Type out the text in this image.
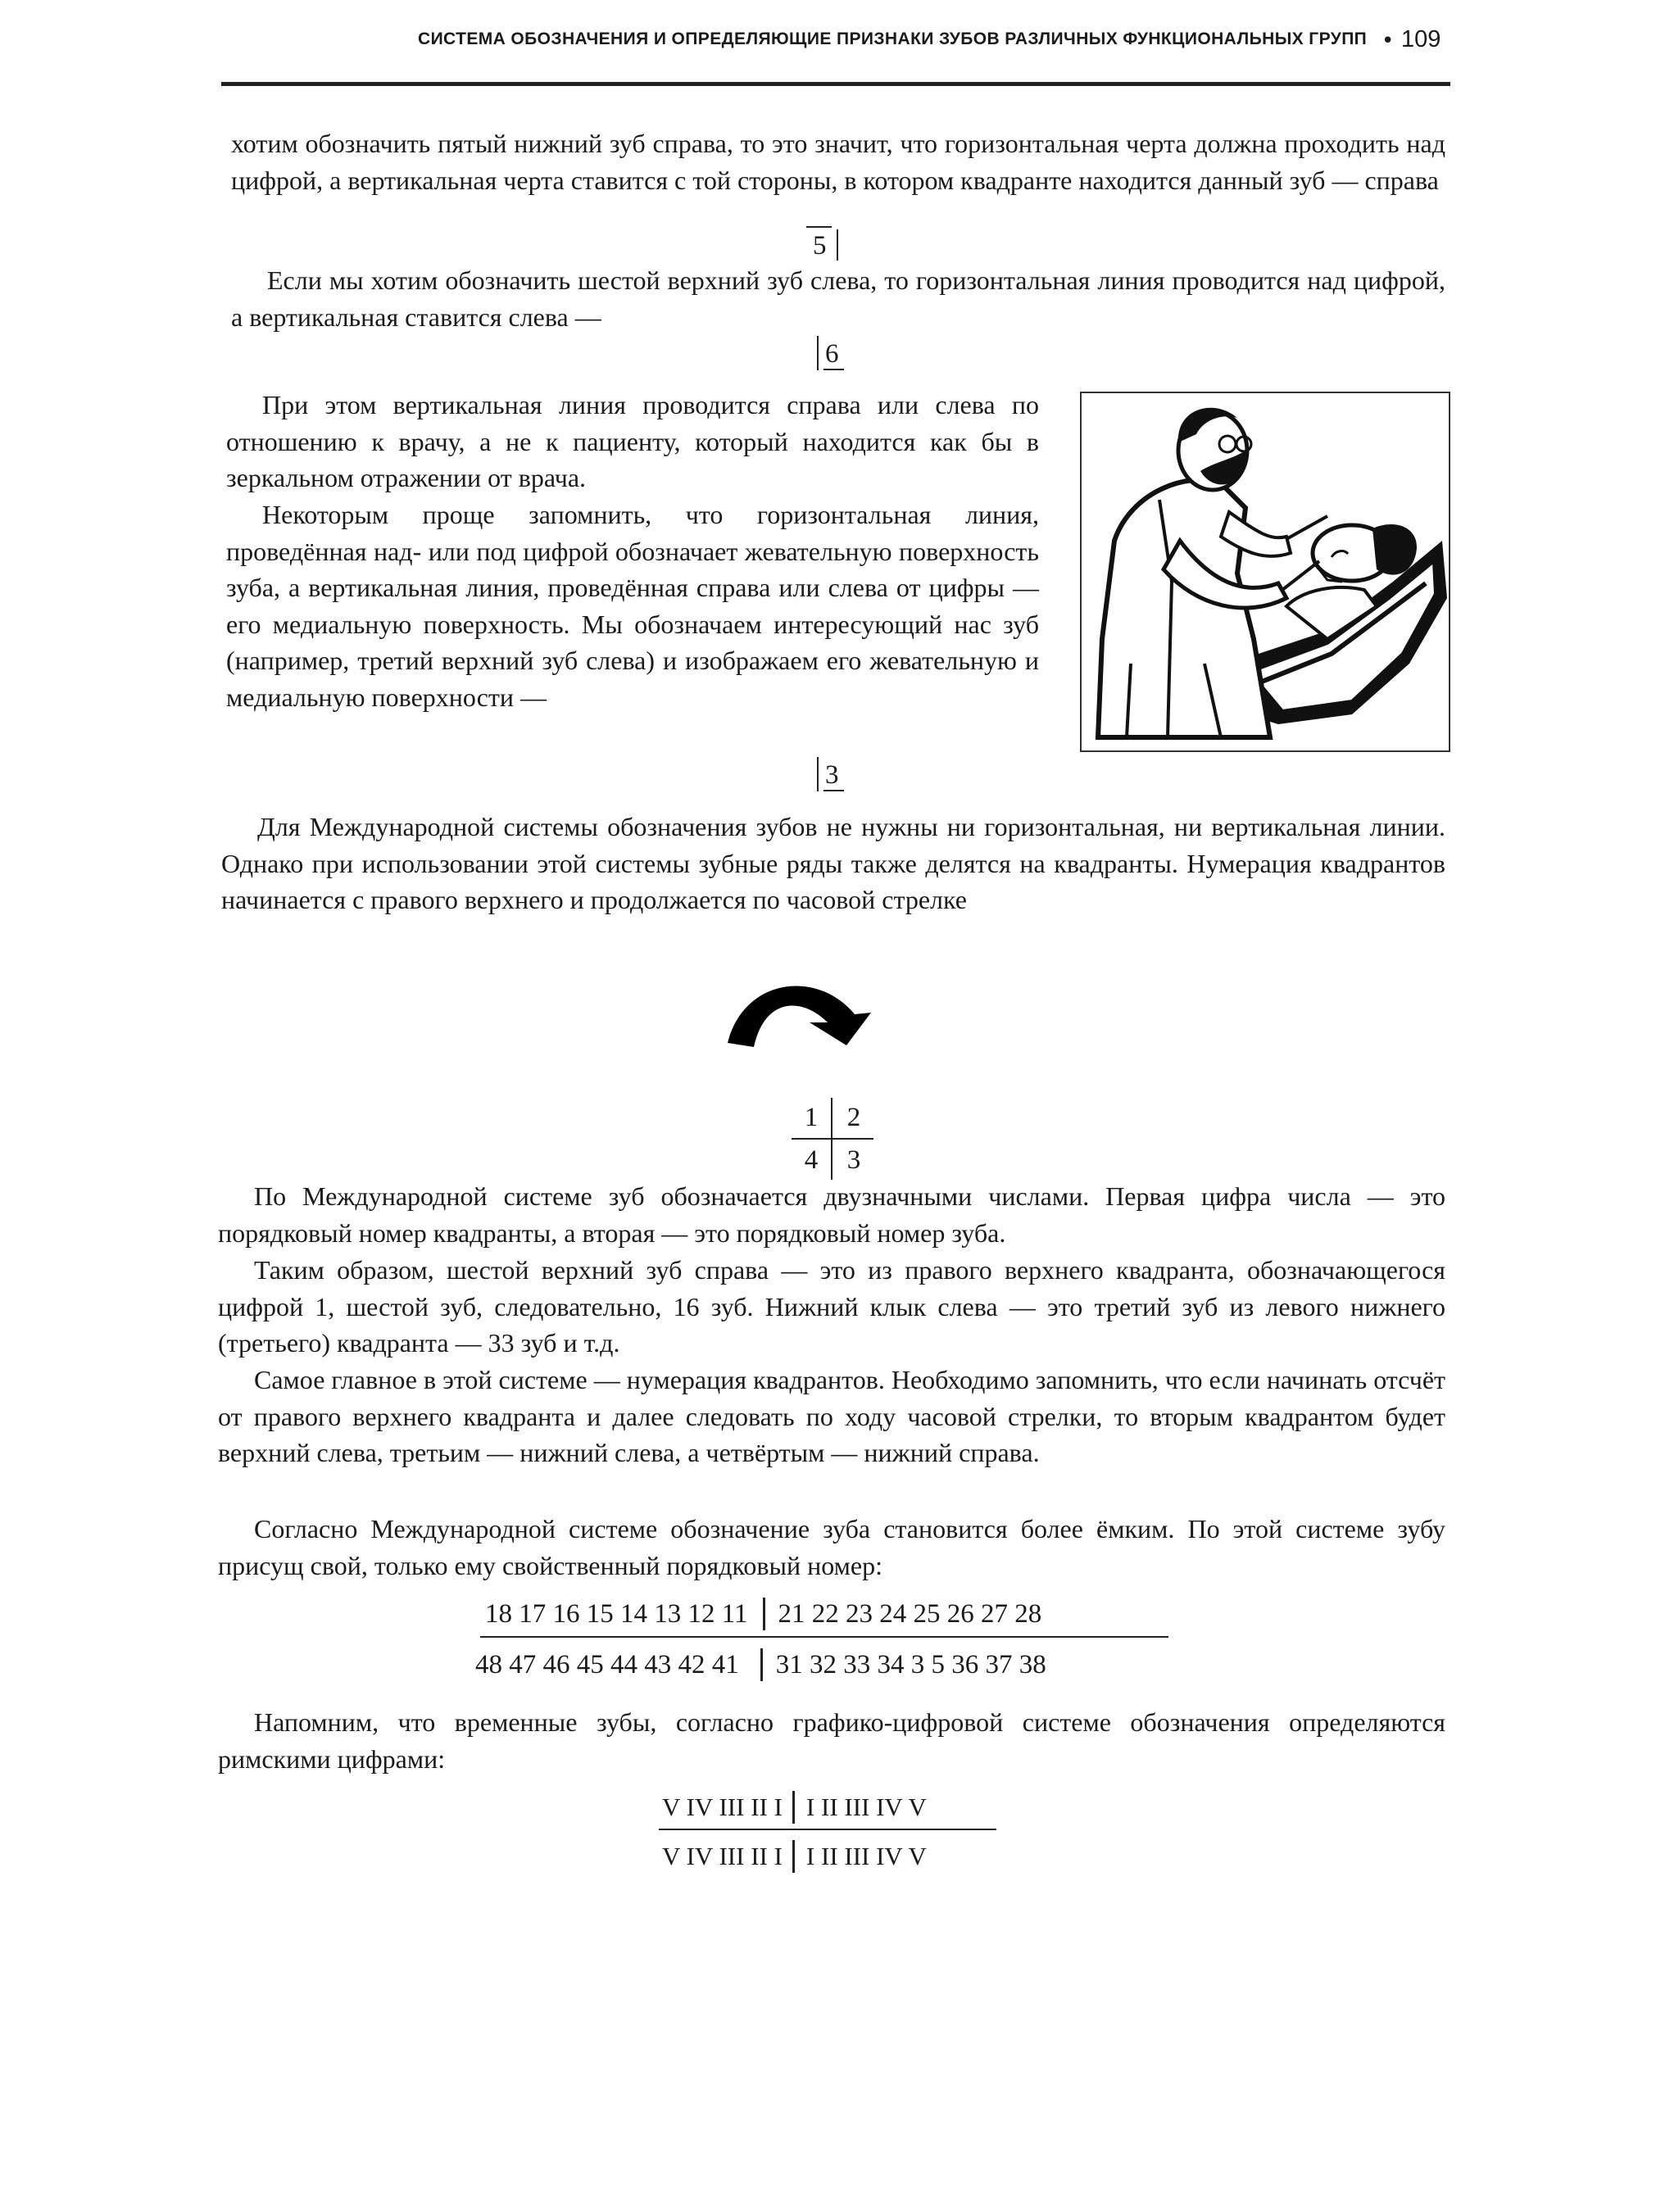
СИСТЕМА ОБОЗНАЧЕНИЯ И ОПРЕДЕЛЯЮЩИЕ ПРИЗНАКИ ЗУБОВ РАЗЛИЧНЫХ ФУНКЦИОНАЛЬНЫХ ГРУПП • 109

хотим обозначить пятый нижний зуб справа, то это значит, что горизонтальная черта должна проходить над цифрой, а вертикальная черта ставится с той стороны, в котором квадранте находится данный зуб — справа

5

Если мы хотим обозначить шестой верхний зуб слева, то горизонтальная линия проводится над цифрой, а вертикальная ставится слева —

6

При этом вертикальная линия проводится справа или слева по отношению к врачу, а не к пациенту, который находится как бы в зеркальном отражении от врача.

Некоторым проще запомнить, что горизонтальная линия, проведённая над- или под цифрой обозначает жевательную поверхность зуба, а вертикальная линия, проведённая справа или слева от цифры — его медиальную поверхность. Мы обозначаем интересующий нас зуб (например, третий верхний зуб слева) и изображаем его жевательную и медиальную поверхности —

3

Для Международной системы обозначения зубов не нужны ни горизонтальная, ни вертикальная линии. Однако при использовании этой системы зубные ряды также делятся на квадранты. Нумерация квадрантов начинается с правого верхнего и продолжается по часовой стрелке

1	2
4	3

По Международной системе зуб обозначается двузначными числами. Первая цифра числа — это порядковый номер квадранты, а вторая — это порядковый номер зуба.

Таким образом, шестой верхний зуб справа — это из правого верхнего квадранта, обозначающегося цифрой 1, шестой зуб, следовательно, 16 зуб. Нижний клык слева — это третий зуб из левого нижнего (третьего) квадранта — 33 зуб и т.д.

Самое главное в этой системе — нумерация квадрантов. Необходимо запомнить, что если начинать отсчёт от правого верхнего квадранта и далее следовать по ходу часовой стрелки, то вторым квадрантом будет верхний слева, третьим — нижний слева, а четвёртым — нижний справа.

Согласно Международной системе обозначение зуба становится более ёмким. По этой системе зубу присущ свой, только ему свойственный порядковый номер:

18 17 16 15 14 13 12 11 21 22 23 24 25 26 27 28
48 47 46 45 44 43 42 41 31 32 33 34 3 5 36 37 38

Напомним, что временные зубы, согласно графико-цифровой системе обозначения определяются римскими цифрами:

V IV III II I I II III IV V
V IV III II I I II III IV V
